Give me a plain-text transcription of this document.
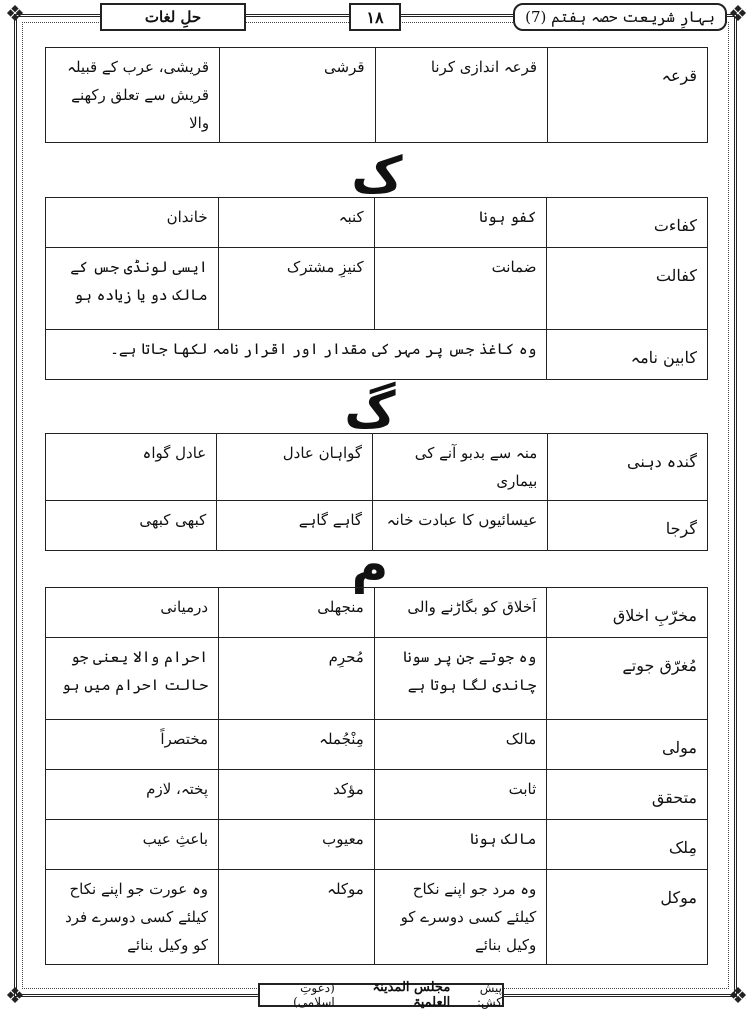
❖	❖
❖	❖
بہارِ شریعت حصہ ہفتم (7)
۱۸
حلِ لغات
قرعہ	قرعہ اندازی کرنا	قرشی	قریشی، عرب کے قبیلہ قریش سے تعلق رکھنے والا
ک
کفاءت	کفو ہونا	کنبہ	خاندان
کفالت	ضمانت	کنیزِ مشترک	ایسی لونڈی جس کے مالک دو یا زیادہ ہو
کابین نامہ	وہ کاغذ جس پر مہر کی مقدار اور اقرار نامہ لکھا جاتا ہے۔		
گ
گندہ دہنی	منہ سے بدبو آنے کی بیماری	گواہان عادل	عادل گواہ
گرجا	عیسائیوں کا عبادت خانہ	گاہے گاہے	کبھی کبھی
م
مخرّبِ اخلاق	اَخلاق کو بگاڑنے والی	منجھلی	درمیانی
مُغرّق جوتے	وہ جوتے جن پر سونا چاندی لگا ہوتا ہے	مُحرِم	احرام والا یعنی جو حالت احرام میں ہو
مولی	مالک	مِنْجُملہ	مختصراً
متحقق	ثابت	مؤکد	پختہ، لازم
مِلک	مالک ہونا	معیوب	باعثِ عیب
موکل	وہ مرد جو اپنے نکاح کیلئے کسی دوسرے کو وکیل بنائے	موکلہ	وہ عورت جو اپنے نکاح کیلئے کسی دوسرے فرد کو وکیل بنائے
پیش کش:
مجلس المدینۃ العلمیۃ
(دعوتِ اسلامی)
